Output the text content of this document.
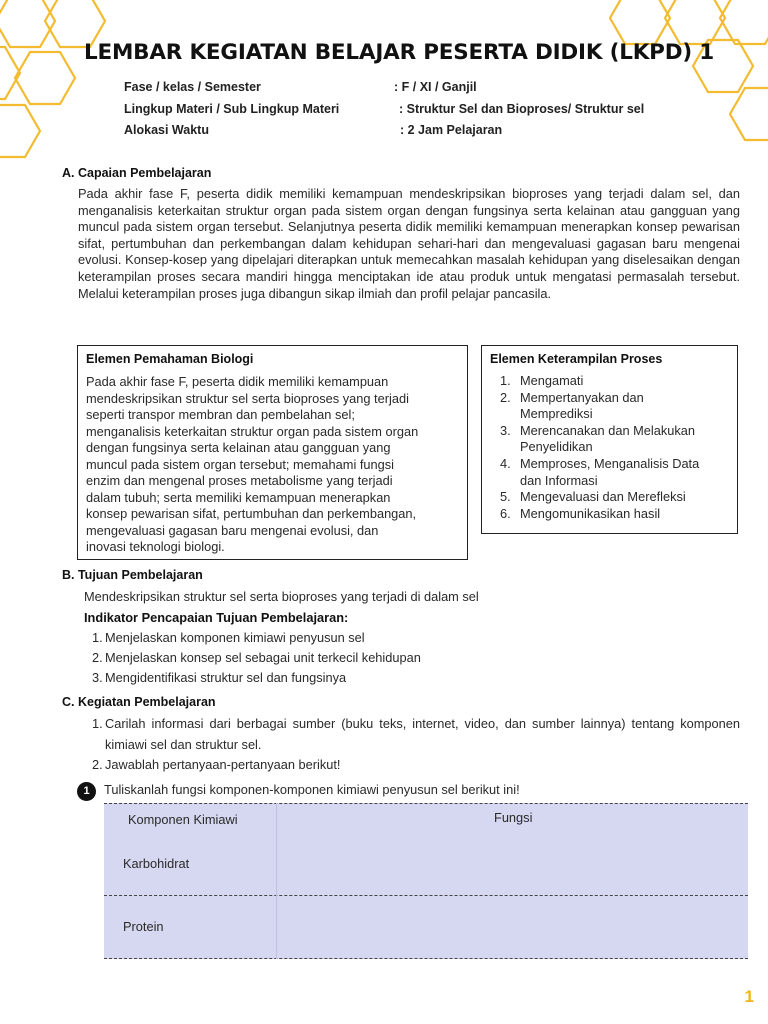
LEMBAR KEGIATAN BELAJAR PESERTA DIDIK (LKPD) 1
Fase / kelas / Semester	: F / XI / Ganjil
Lingkup Materi / Sub Lingkup Materi	: Struktur Sel dan Bioproses/ Struktur sel
Alokasi Waktu	: 2 Jam Pelajaran
A. Capaian Pembelajaran
Pada akhir fase F, peserta didik memiliki kemampuan mendeskripsikan bioproses yang terjadi dalam sel, dan menganalisis keterkaitan struktur organ pada sistem organ dengan fungsinya serta kelainan atau gangguan yang muncul pada sistem organ tersebut. Selanjutnya peserta didik memiliki kemampuan menerapkan konsep pewarisan sifat, pertumbuhan dan perkembangan dalam kehidupan sehari-hari dan mengevaluasi gagasan baru mengenai evolusi. Konsep-kosep yang dipelajari diterapkan untuk memecahkan masalah kehidupan yang diselesaikan dengan keterampilan proses secara mandiri hingga menciptakan ide atau produk untuk mengatasi permasalah tersebut. Melalui keterampilan proses juga dibangun sikap ilmiah dan profil pelajar pancasila.
Elemen Pemahaman Biologi
Pada akhir fase F, peserta didik memiliki kemampuan
mendeskripsikan struktur sel serta bioproses yang terjadi
seperti transpor membran dan pembelahan sel;
menganalisis keterkaitan struktur organ pada sistem organ
dengan fungsinya serta kelainan atau gangguan yang
muncul pada sistem organ tersebut; memahami fungsi
enzim dan mengenal proses metabolisme yang terjadi
dalam tubuh; serta memiliki kemampuan menerapkan
konsep pewarisan sifat, pertumbuhan dan perkembangan,
mengevaluasi gagasan baru mengenai evolusi, dan
inovasi teknologi biologi.
Elemen Keterampilan Proses
1. Mengamati
2. Mempertanyakan dan
Memprediksi
3. Merencanakan dan Melakukan
Penyelidikan
4. Memproses, Menganalisis Data
dan Informasi
5. Mengevaluasi dan Merefleksi
6. Mengomunikasikan hasil
B. Tujuan Pembelajaran
Mendeskripsikan struktur sel serta bioproses yang terjadi di dalam sel
Indikator Pencapaian Tujuan Pembelajaran:
1. Menjelaskan komponen kimiawi penyusun sel
2. Menjelaskan konsep sel sebagai unit terkecil kehidupan
3. Mengidentifikasi struktur sel dan fungsinya
C. Kegiatan Pembelajaran
1. Carilah informasi dari berbagai sumber (buku teks, internet, video, dan sumber lainnya) tentang komponen kimiawi sel dan struktur sel.
2. Jawablah pertanyaan-pertanyaan berikut!
1	Tuliskanlah fungsi komponen-komponen kimiawi penyusun sel berikut ini!
Komponen Kimiawi	Fungsi
Karbohidrat
Protein
1
